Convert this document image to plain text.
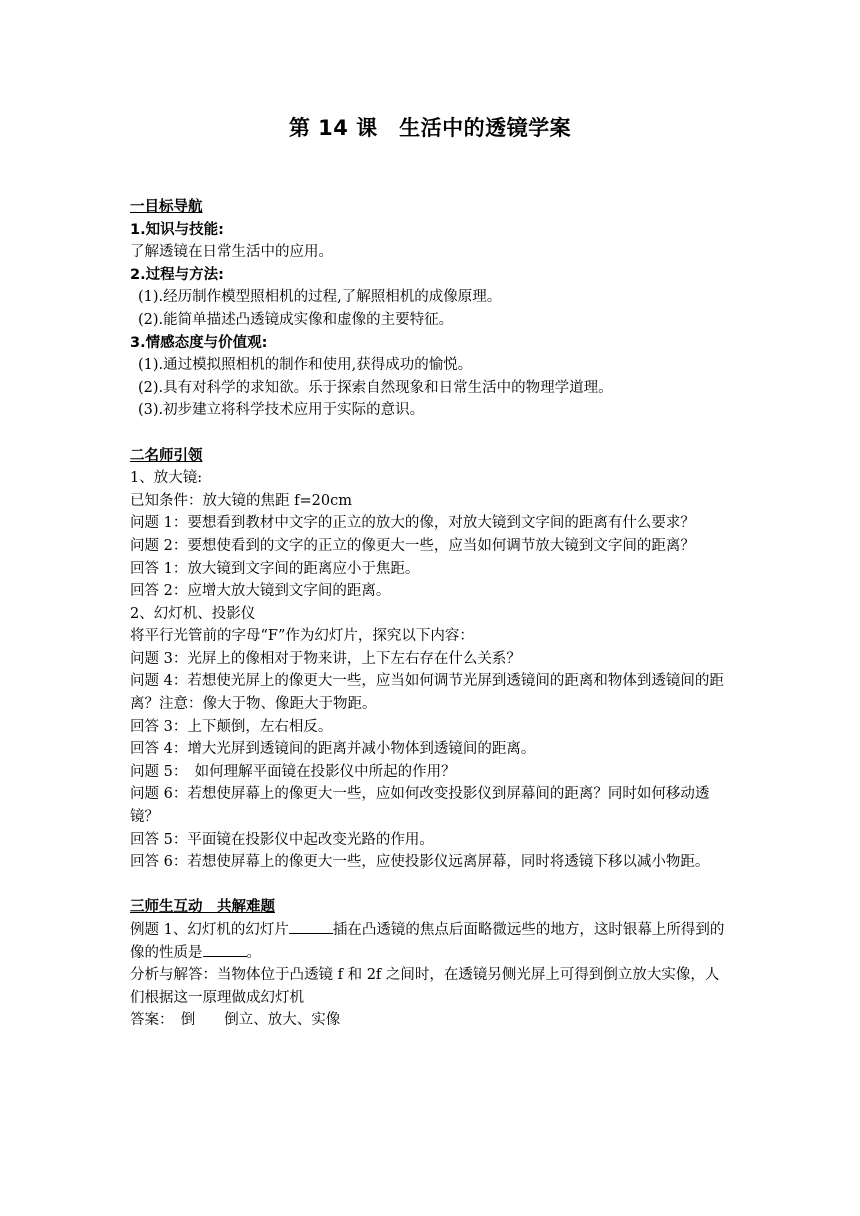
第 14 课　生活中的透镜学案
一目标导航
1.知识与技能:
了解透镜在日常生活中的应用。
2.过程与方法:
(1).经历制作模型照相机的过程,了解照相机的成像原理。
(2).能简单描述凸透镜成实像和虚像的主要特征。
3.情感态度与价值观:
(1).通过模拟照相机的制作和使用,获得成功的愉悦。
(2).具有对科学的求知欲。乐于探索自然现象和日常生活中的物理学道理。
(3).初步建立将科学技术应用于实际的意识。
二名师引领
1、放大镜:
已知条件：放大镜的焦距 f=20cm
问题 1：要想看到教材中文字的正立的放大的像，对放大镜到文字间的距离有什么要求？
问题 2：要想使看到的文字的正立的像更大一些，应当如何调节放大镜到文字间的距离？
回答 1：放大镜到文字间的距离应小于焦距。
回答 2：应增大放大镜到文字间的距离。
2、幻灯机、投影仪
将平行光管前的字母“F”作为幻灯片，探究以下内容：
问题 3：光屏上的像相对于物来讲，上下左右存在什么关系？
问题 4：若想使光屏上的像更大一些，应当如何调节光屏到透镜间的距离和物体到透镜间的距离？注意：像大于物、像距大于物距。
回答 3：上下颠倒，左右相反。
回答 4：增大光屏到透镜间的距离并减小物体到透镜间的距离。
问题 5：　如何理解平面镜在投影仪中所起的作用？
问题 6：若想使屏幕上的像更大一些，应如何改变投影仪到屏幕间的距离？同时如何移动透镜？
回答 5：平面镜在投影仪中起改变光路的作用。
回答 6：若想使屏幕上的像更大一些，应使投影仪远离屏幕，同时将透镜下移以减小物距。
三师生互动　共解难题
例题 1、幻灯机的幻灯片	插在凸透镜的焦点后面略微远些的地方，这时银幕上所得到的像的性质是	。
分析与解答：当物体位于凸透镜 f 和 2f 之间时，在透镜另侧光屏上可得到倒立放大实像，人们根据这一原理做成幻灯机
答案：　倒　　倒立、放大、实像
